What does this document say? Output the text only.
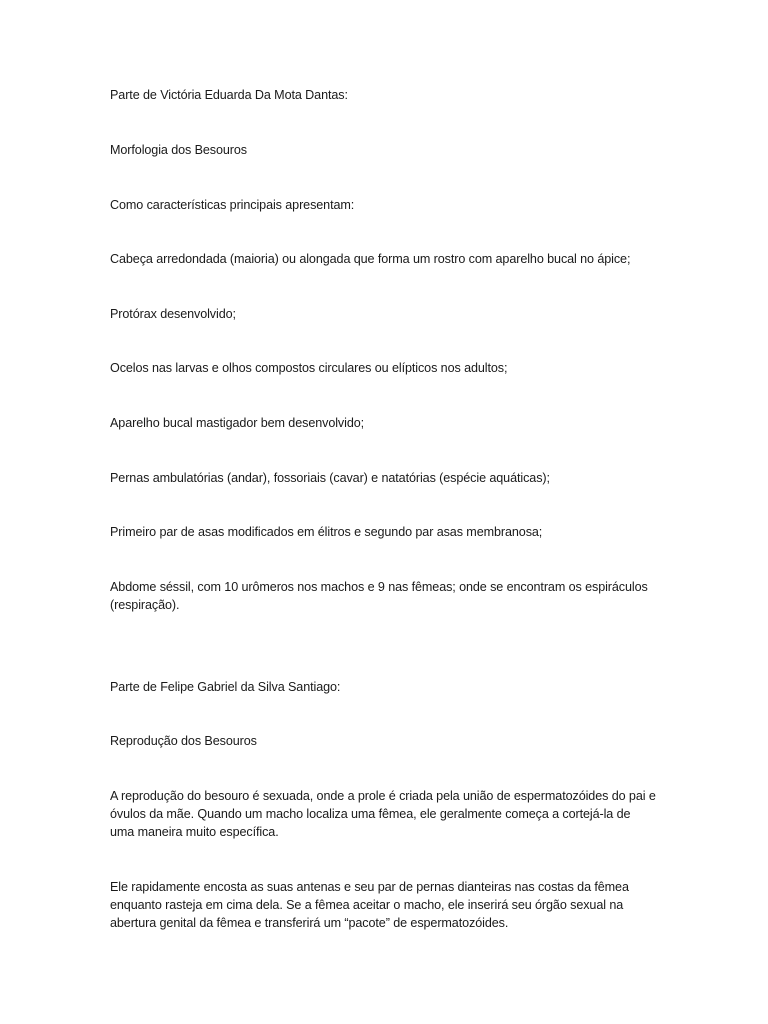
Parte de Victória Eduarda Da Mota Dantas:

Morfologia dos Besouros

Como características principais apresentam:

Cabeça arredondada (maioria) ou alongada que forma um rostro com aparelho bucal no ápice;

Protórax desenvolvido;

Ocelos nas larvas e olhos compostos circulares ou elípticos nos adultos;

Aparelho bucal mastigador bem desenvolvido;

Pernas ambulatórias (andar), fossoriais (cavar) e natatórias (espécie aquáticas);

Primeiro par de asas modificados em élitros e segundo par asas membranosa;

Abdome séssil, com 10 urômeros nos machos e 9 nas fêmeas; onde se encontram os espiráculos (respiração).

Parte de Felipe Gabriel da Silva Santiago:

Reprodução dos Besouros

A reprodução do besouro é sexuada, onde a prole é criada pela união de espermatozóides do pai e óvulos da mãe. Quando um macho localiza uma fêmea, ele geralmente começa a cortejá-la de uma maneira muito específica.

Ele rapidamente encosta as suas antenas e seu par de pernas dianteiras nas costas da fêmea enquanto rasteja em cima dela. Se a fêmea aceitar o macho, ele inserirá seu órgão sexual na abertura genital da fêmea e transferirá um “pacote” de espermatozóides.
